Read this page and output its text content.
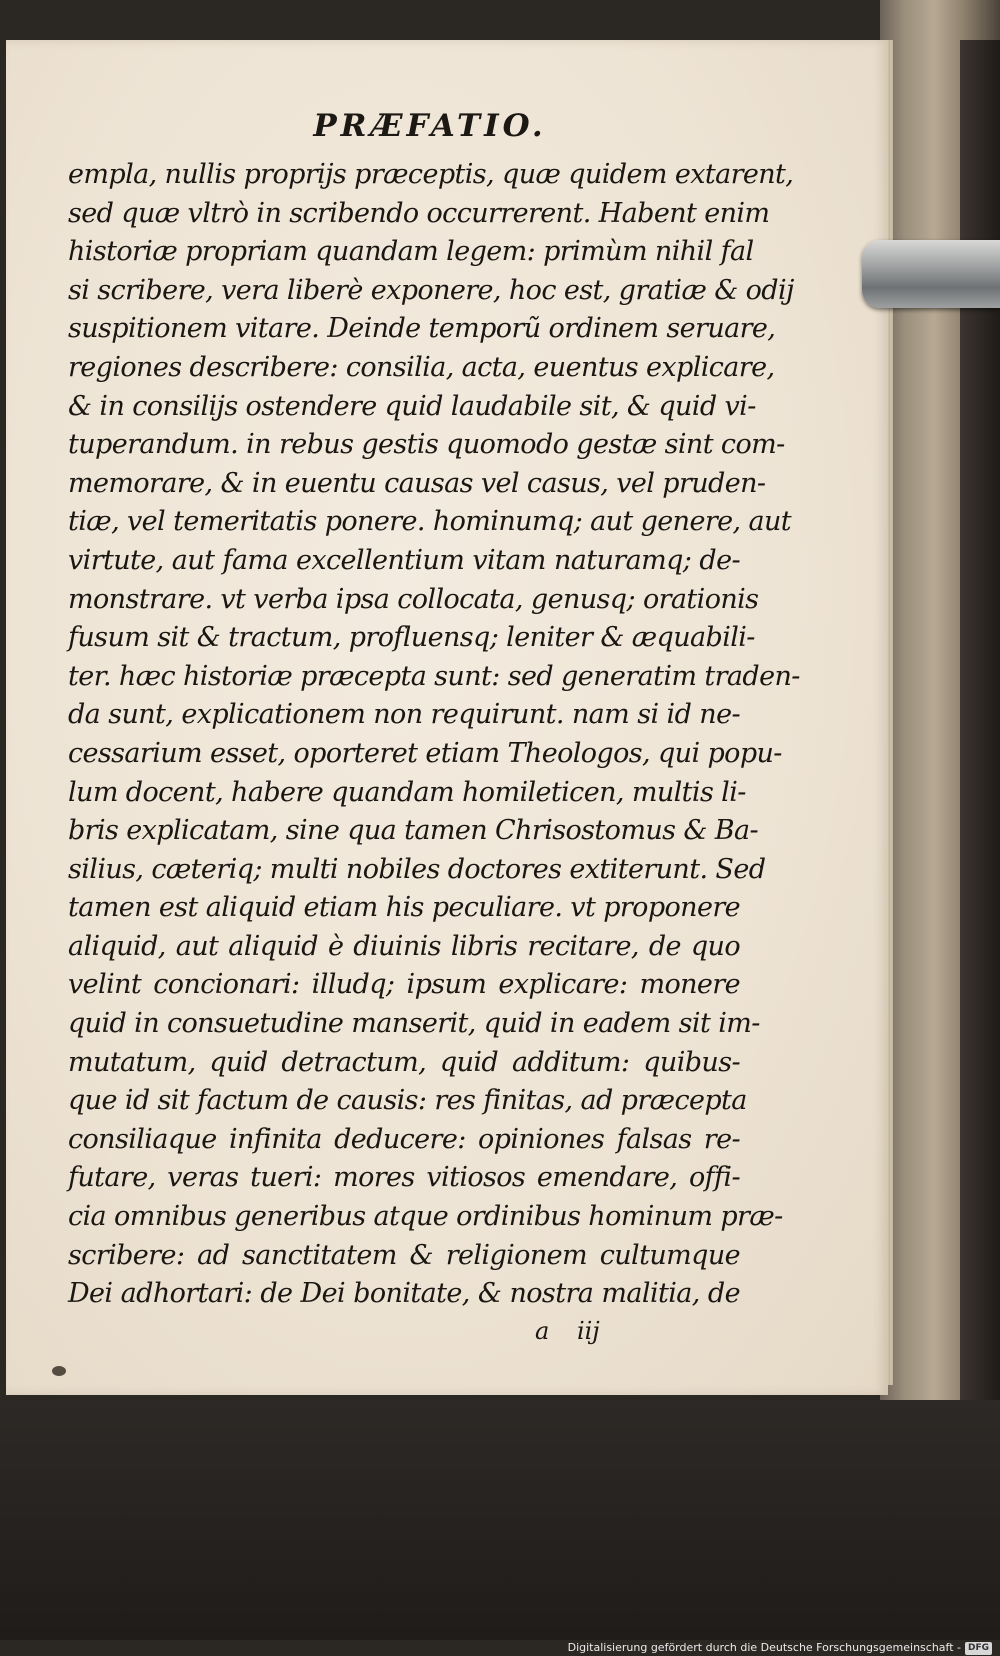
PRÆFATIO.
empla, nullis proprijs præceptis, quæ quidem extarent,
sed quæ vltrò in scribendo occurrerent. Habent enim
historiæ propriam quandam legem: primùm nihil fal
si scribere, vera liberè exponere, hoc est, gratiæ & odij
suspitionem vitare. Deinde temporũ ordinem seruare,
regiones describere: consilia, acta, euentus explicare,
& in consilijs ostendere quid laudabile sit, & quid vi-
tuperandum. in rebus gestis quomodo gestæ sint com-
memorare, & in euentu causas vel casus, vel pruden-
tiæ, vel temeritatis ponere. hominumq; aut genere, aut
virtute, aut fama excellentium vitam naturamq; de-
monstrare. vt verba ipsa collocata, genusq; orationis
fusum sit & tractum, profluensq; leniter & æquabili-
ter. hæc historiæ præcepta sunt: sed generatim traden-
da sunt, explicationem non requirunt. nam si id ne-
cessarium esset, oporteret etiam Theologos, qui popu-
lum docent, habere quandam homileticen, multis li-
bris explicatam, sine qua tamen Chrisostomus & Ba-
silius, cæteriq; multi nobiles doctores extiterunt. Sed
tamen est aliquid etiam his peculiare. vt proponere
aliquid, aut aliquid è diuinis libris recitare, de quo
velint concionari: illudq; ipsum explicare: monere
quid in consuetudine manserit, quid in eadem sit im-
mutatum, quid detractum, quid additum: quibus-
que id sit factum de causis: res finitas, ad præcepta
consiliaque infinita deducere: opiniones falsas re-
futare, veras tueri: mores vitiosos emendare, offi-
cia omnibus generibus atque ordinibus hominum præ-
scribere: ad sanctitatem & religionem cultumque
Dei adhortari: de Dei bonitate, & nostra malitia, de

a iij

Digitalisierung gefördert durch die Deutsche Forschungsgemeinschaft - DFG
